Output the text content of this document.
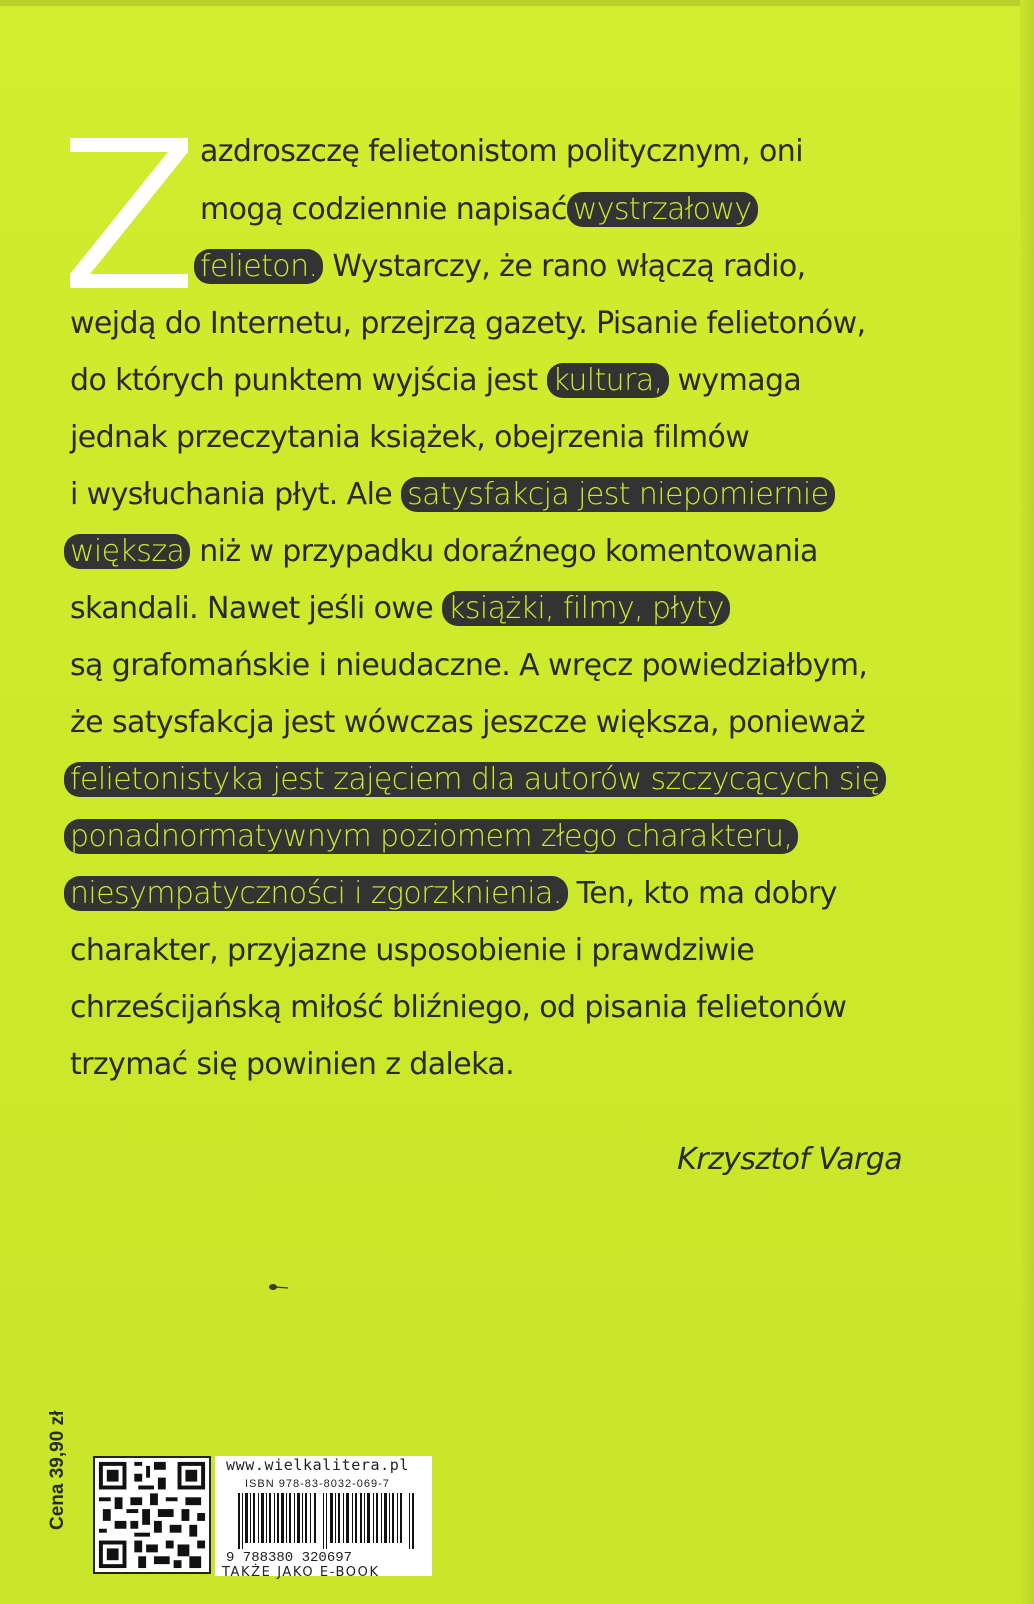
azdroszczę felietonistom politycznym, oni
mogą codziennie napisać wystrzałowy
felieton. Wystarczy, że rano włączą radio,
wejdą do Internetu, przejrzą gazety. Pisanie felietonów,
do których punktem wyjścia jest kultura, wymaga
jednak przeczytania książek, obejrzenia filmów
i wysłuchania płyt. Ale satysfakcja jest niepomiernie
większa niż w przypadku doraźnego komentowania
skandali. Nawet jeśli owe książki, filmy, płyty
są grafomańskie i nieudaczne. A wręcz powiedziałbym,
że satysfakcja jest wówczas jeszcze większa, ponieważ
felietonistyka jest zajęciem dla autorów szczycących się
ponadnormatywnym poziomem złego charakteru,
niesympatyczności i zgorzknienia. Ten, kto ma dobry
charakter, przyjazne usposobienie i prawdziwie
chrześcijańską miłość bliźniego, od pisania felietonów
trzymać się powinien z daleka.
Krzysztof Varga
Cena 39,90 zł	www.wielkalitera.pl
ISBN 978-83-8032-069-7
9 788380 320697
TAKŻE JAKO E-BOOK
